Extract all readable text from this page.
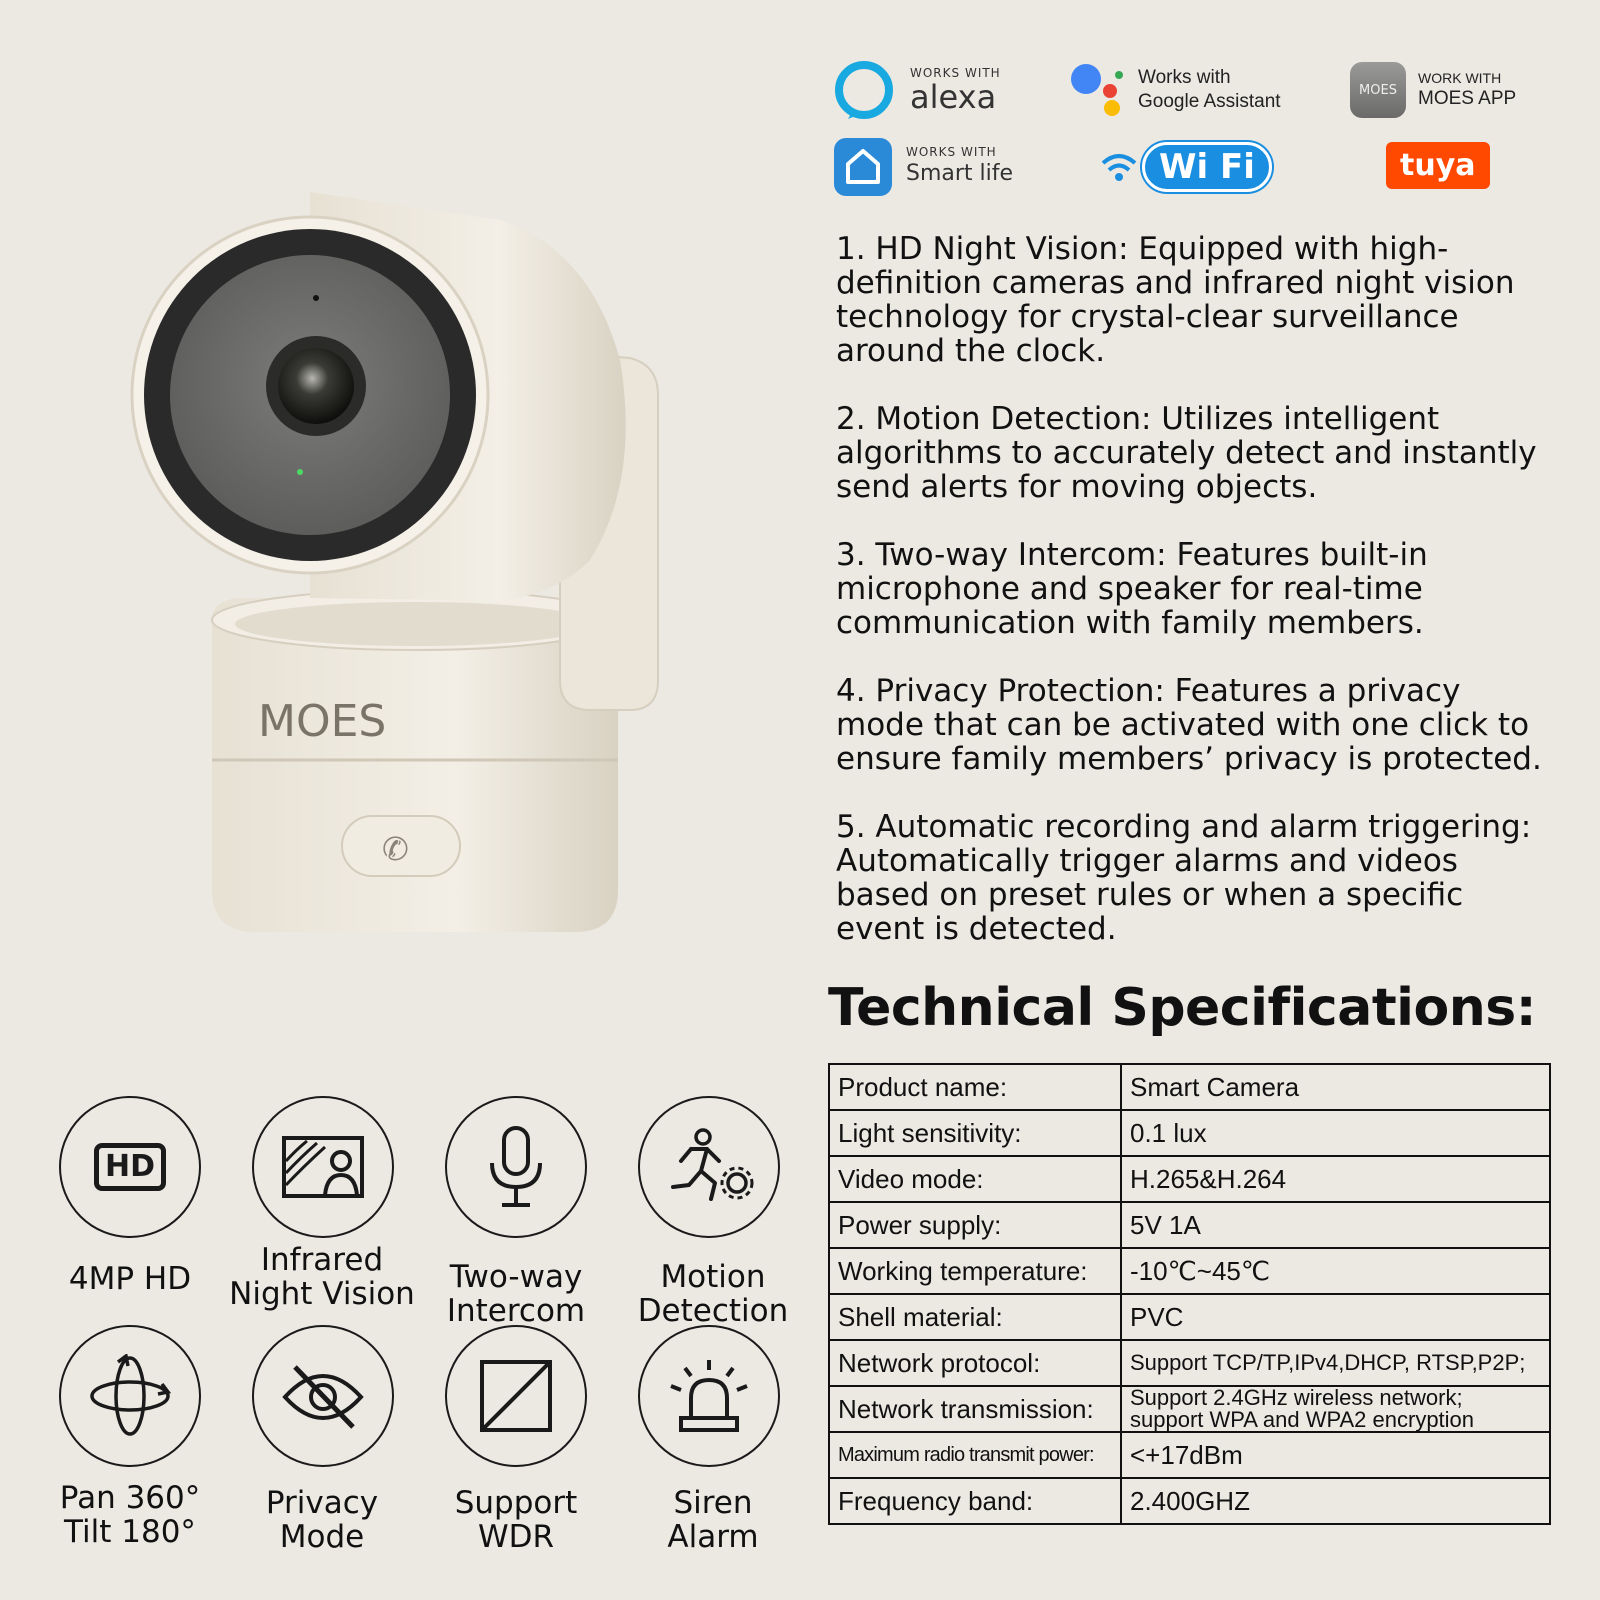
MOES
✆
WORKS WITH
alexa
Works with
Google Assistant
MOES
WORK WITH
MOES APP
WORKS WITH
Smart life	Wi Fi	tuya

1. HD Night Vision: Equipped with high-definition cameras and infrared night vision technology for crystal-clear surveillance around the clock.

2. Motion Detection: Utilizes intelligent algorithms to accurately detect and instantly send alerts for moving objects.

3. Two-way Intercom: Features built-in microphone and speaker for real-time communication with family members.

4. Privacy Protection: Features a privacy mode that can be activated with one click to ensure family members’ privacy is protected.

5. Automatic recording and alarm triggering: Automatically trigger alarms and videos based on preset rules or when a specific event is detected.

Technical Specifications:
Product name:	Smart Camera
Light sensitivity:	0.1 lux
Video mode:	H.265&H.264
Power supply:	5V 1A
Working temperature:	-10℃~45℃
Shell material:	PVC
Network protocol:	Support TCP/TP,IPv4,DHCP, RTSP,P2P;
Network transmission:	Support 2.4GHz wireless network; support WPA and WPA2 encryption
Maximum radio transmit power:	<+17dBm
Frequency band:	2.400GHZ
HD
4MP HD
Infrared
Night Vision	Two-way
Intercom
Motion
Detection
Pan 360°
Tilt 180°
Privacy
Mode
Support
WDR
Siren
Alarm
